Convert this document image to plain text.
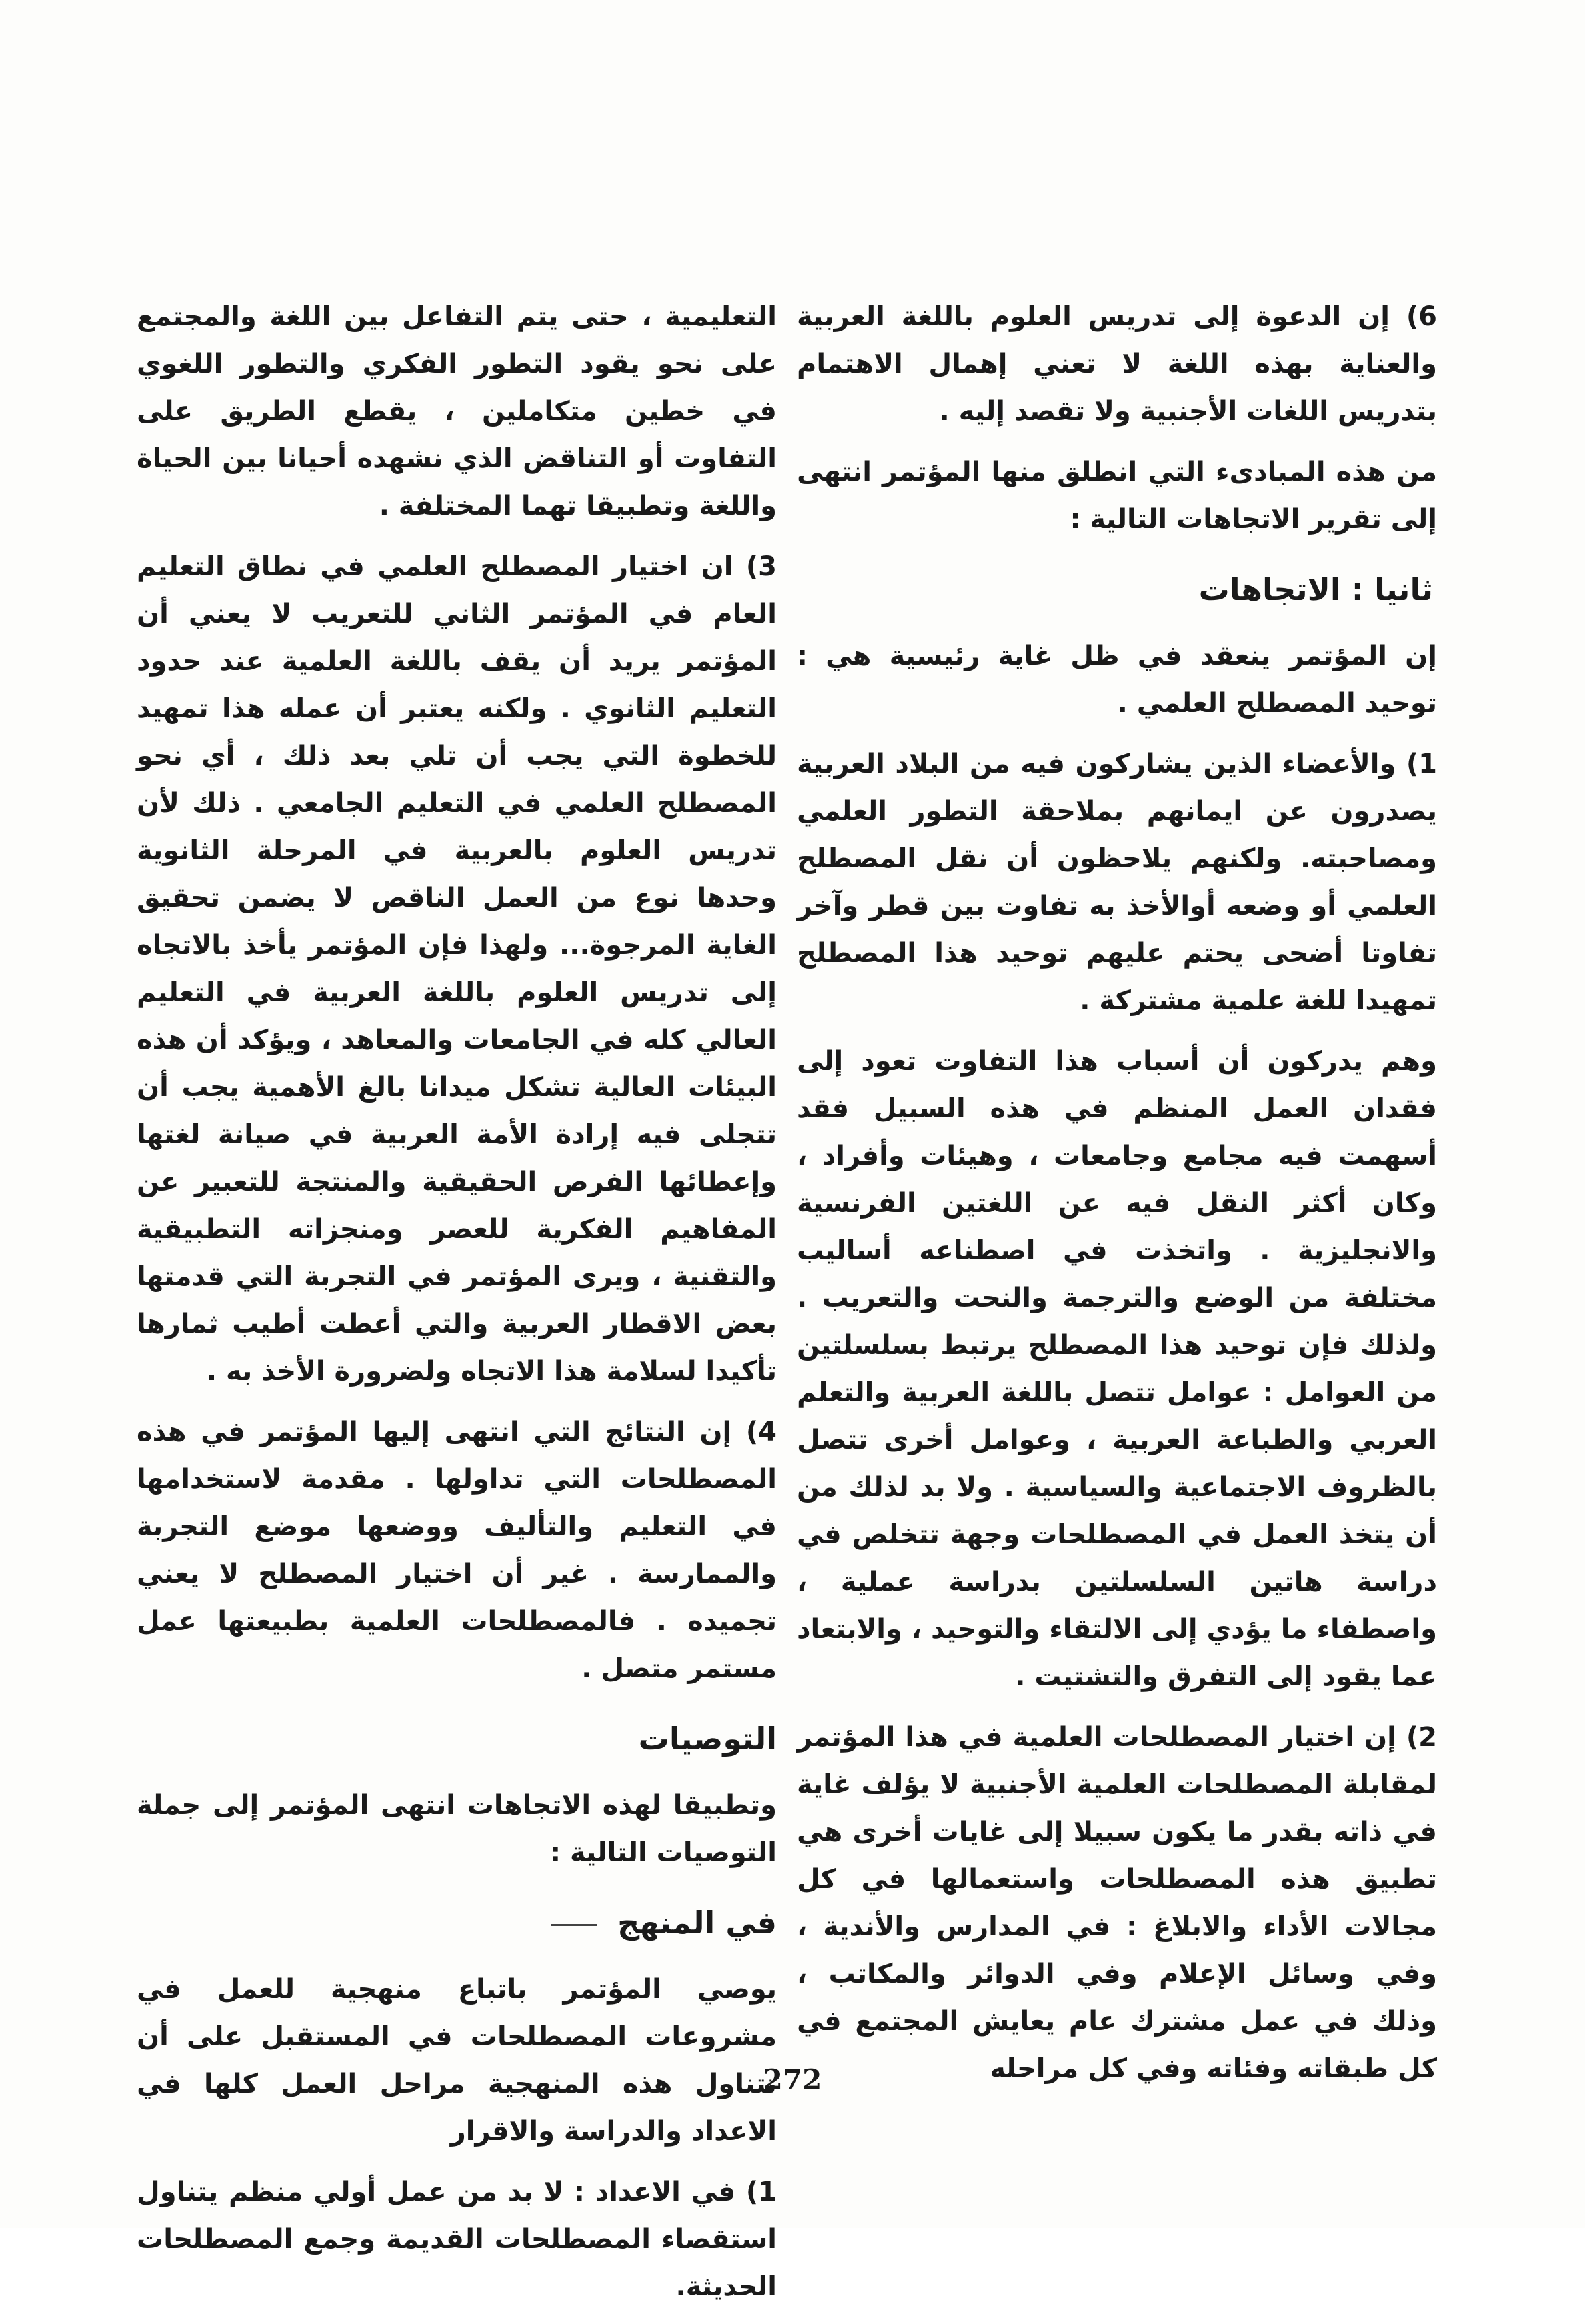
6) إن الدعوة إلى تدريس العلوم باللغة العربية والعناية بهذه اللغة لا تعني إهمال الاهتمام بتدريس اللغات الأجنبية ولا تقصد إليه .

من هذه المبادىء التي انطلق منها المؤتمر انتهى إلى تقرير الاتجاهات التالية :

ثانيا : الاتجاهات

إن المؤتمر ينعقد في ظل غاية رئيسية هي : توحيد المصطلح العلمي .

1) والأعضاء الذين يشاركون فيه من البلاد العربية يصدرون عن ايمانهم بملاحقة التطور العلمي ومصاحبته. ولكنهم يلاحظون أن نقل المصطلح العلمي أو وضعه أوالأخذ به تفاوت بين قطر وآخر تفاوتا أضحى يحتم عليهم توحيد هذا المصطلح تمهيدا للغة علمية مشتركة .

وهم يدركون أن أسباب هذا التفاوت تعود إلى فقدان العمل المنظم في هذه السبيل فقد أسهمت فيه مجامع وجامعات ، وهيئات وأفراد ، وكان أكثر النقل فيه عن اللغتين الفرنسية والانجليزية . واتخذت في اصطناعه أساليب مختلفة من الوضع والترجمة والنحت والتعريب . ولذلك فإن توحيد هذا المصطلح يرتبط بسلسلتين من العوامل : عوامل تتصل باللغة العربية والتعلم العربي والطباعة العربية ، وعوامل أخرى تتصل بالظروف الاجتماعية والسياسية . ولا بد لذلك من أن يتخذ العمل في المصطلحات وجهة تتخلص في دراسة هاتين السلسلتين بدراسة عملية ، واصطفاء ما يؤدي إلى الالتقاء والتوحيد ، والابتعاد عما يقود إلى التفرق والتشتيت .

2) إن اختيار المصطلحات العلمية في هذا المؤتمر لمقابلة المصطلحات العلمية الأجنبية لا يؤلف غاية في ذاته بقدر ما يكون سبيلا إلى غايات أخرى هي تطبيق هذه المصطلحات واستعمالها في كل مجالات الأداء والابلاغ : في المدارس والأندية ، وفي وسائل الإعلام وفي الدوائر والمكاتب ، وذلك في عمل مشترك عام يعايش المجتمع في كل طبقاته وفئاته وفي كل مراحله

التعليمية ، حتى يتم التفاعل بين اللغة والمجتمع على نحو يقود التطور الفكري والتطور اللغوي في خطين متكاملين ، يقطع الطريق على التفاوت أو التناقض الذي نشهده أحيانا بين الحياة واللغة وتطبيقا تهما المختلفة .

3) ان اختيار المصطلح العلمي في نطاق التعليم العام في المؤتمر الثاني للتعريب لا يعني أن المؤتمر يريد أن يقف باللغة العلمية عند حدود التعليم الثانوي . ولكنه يعتبر أن عمله هذا تمهيد للخطوة التي يجب أن تلي بعد ذلك ، أي نحو المصطلح العلمي في التعليم الجامعي . ذلك لأن تدريس العلوم بالعربية في المرحلة الثانوية وحدها نوع من العمل الناقص لا يضمن تحقيق الغاية المرجوة... ولهذا فإن المؤتمر يأخذ بالاتجاه إلى تدريس العلوم باللغة العربية في التعليم العالي كله في الجامعات والمعاهد ، ويؤكد أن هذه البيئات العالية تشكل ميدانا بالغ الأهمية يجب أن تتجلى فيه إرادة الأمة العربية في صيانة لغتها وإعطائها الفرص الحقيقية والمنتجة للتعبير عن المفاهيم الفكرية للعصر ومنجزاته التطبيقية والتقنية ، ويرى المؤتمر في التجربة التي قدمتها بعض الاقطار العربية والتي أعطت أطيب ثمارها تأكيدا لسلامة هذا الاتجاه ولضرورة الأخذ به .

4) إن النتائج التي انتهى إليها المؤتمر في هذه المصطلحات التي تداولها . مقدمة لاستخدامها في التعليم والتأليف ووضعها موضع التجربة والممارسة . غير أن اختيار المصطلح لا يعني تجميده . فالمصطلحات العلمية بطبيعتها عمل مستمر متصل .

التوصيات

وتطبيقا لهذه الاتجاهات انتهى المؤتمر إلى جملة التوصيات التالية :

في المنهج

يوصي المؤتمر باتباع منهجية للعمل في مشروعات المصطلحات في المستقبل على أن تتناول هذه المنهجية مراحل العمل كلها في الاعداد والدراسة والاقرار

1) في الاعداد : لا بد من عمل أولي منظم يتناول استقصاء المصطلحات القديمة وجمع المصطلحات الحديثة.

272
